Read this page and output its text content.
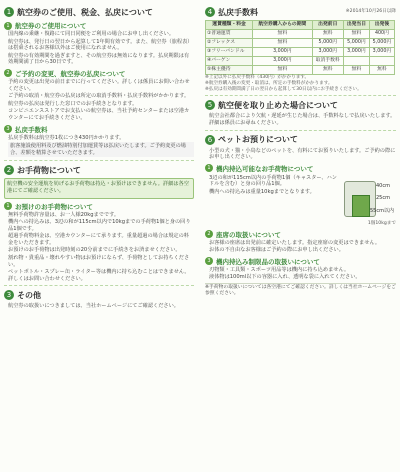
1 航空券のご使用、税金、払戻について
1 航空券のご使用について
国内線の乗継・復路にて同日同便をご利用の場合にお申し出ください。
航空券は、発行日の翌日から起算して1年間有効です。また、航空券（旅程表）は搭乗されるお客様以外はご使用になれません。
航空券の有効期間を過ぎますと、その航空券は無効になります。払戻期限は有効期間満了日から30日です。
2 ご予約の変更、航空券の払戻について
予約の変更は出発の前日までに行ってください。詳しくは係員にお問い合わせください。
ご予約の取消・航空券の払戻は所定の取消手数料・払戻手数料がかかります。
航空券の払戻は発行した窓口でのお手続きとなります。
コンビニエンスストアでお支払いの航空券は、当社予約センターまたは空港カウンターにてお手続きください。
3 払戻手数料
払戻手数料は航空券1枚につき430円かかります。
旅客施設使用料及び燃油特別付加運賃等は払戻いたします。ご予約変更の場合、差額を精算させていただきます。
2 お手荷物について
航空機の安全運航を妨げるお手荷物は持込・お預けはできません。詳細は各空港にてご確認ください。
1 お預けのお手荷物について
無料手荷物許容量は、お一人様20kgまでです。
機内への持込みは、3辺の和が115cm以内で10kgまでの手荷物1個と身の回り品1個です。
超過手荷物料金は、空港カウンターにて承ります。重量超過の場合は規定の料金をいただきます。
お預けのお手荷物は出発時刻の20分前までに手続きをお済ませください。
割れ物・貴重品・壊れやすい物はお預けにならず、手荷物としてお持ちください。
ペットボトル・スプレー缶・ライター等は機内に持ち込むことはできません。詳しくはお問い合わせください。
3 その他
航空券の取扱いにつきましては、当社ホームページにてご確認ください。
4 払戻手数料	※2014年10月26日以降
運賃種類・料金	航空券購入からの期間	出発前日	出発当日	出発後
①普通運賃	無料	無料	無料	400円
②フレックス	無料	5,000円	5,000円	5,000円
③フリーバンドル	3,000円	3,000円	3,000円	3,000円
④バーゲン	3,000円	取消手数料		
⑤株主優待	無料	無料	無料	無料
※上記以外に払戻手数料（430円）がかかります。
※航空券購入後の変更・取消は、所定の手数料がかかります。
※払戻は有効期間満了日の翌日から起算して30日以内にお手続きください。
5 航空便を取り止めた場合について
航空会社都合により欠航・遅延が生じた場合は、手数料なしで払戻いたします。詳細は係員にお尋ねください。
6 ペットお預りについて
小型の犬・猫・小鳥などのペットを、有料にてお預りいたします。ご予約の際にお申し出ください。
1 機内持込可能なお手荷物について
3辺の和が115cm以内の手荷物1個（キャスター、ハンドルを含む）と身の回り品1個。
機内への持込みは重量10kgまでとなります。
40cm
25cm
55cm以内
1個10kgまで
2 座席の取扱いについて
お客様の座席は出発前に確定いたします。指定座席の変更はできません。
お体の不自由なお客様はご予約の際にお申し出ください。
3 機内持込み制限品の取扱いについて
刃物類・工具類・スポーツ用品等は機内に持ち込めません。
液体物は100ml以下の容器に入れ、透明な袋に入れてください。
※手荷物の取扱いについては各空港にてご確認ください。詳しくは当社ホームページをご参照ください。
